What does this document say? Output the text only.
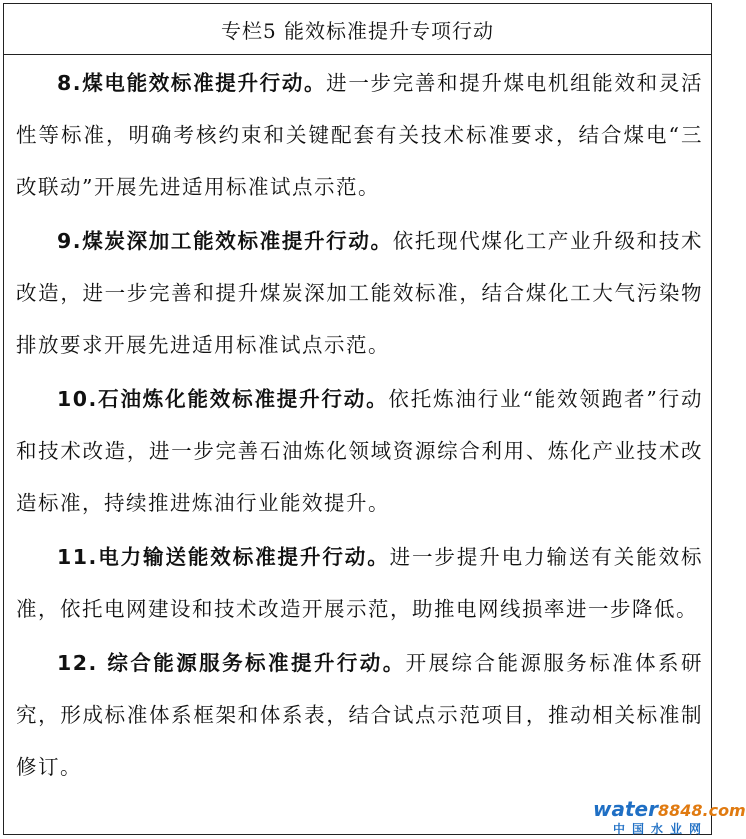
专栏5 能效标准提升专项行动

8.煤电能效标准提升行动。进一步完善和提升煤电机组能效和灵活性等标准，明确考核约束和关键配套有关技术标准要求，结合煤电“三改联动”开展先进适用标准试点示范。

9.煤炭深加工能效标准提升行动。依托现代煤化工产业升级和技术改造，进一步完善和提升煤炭深加工能效标准，结合煤化工大气污染物排放要求开展先进适用标准试点示范。

10.石油炼化能效标准提升行动。依托炼油行业“能效领跑者”行动和技术改造，进一步完善石油炼化领域资源综合利用、炼化产业技术改造标准，持续推进炼油行业能效提升。

11.电力输送能效标准提升行动。进一步提升电力输送有关能效标准，依托电网建设和技术改造开展示范，助推电网线损率进一步降低。

12. 综合能源服务标准提升行动。开展综合能源服务标准体系研究，形成标准体系框架和体系表，结合试点示范项目，推动相关标准制修订。

water8848.com
中国水业网
